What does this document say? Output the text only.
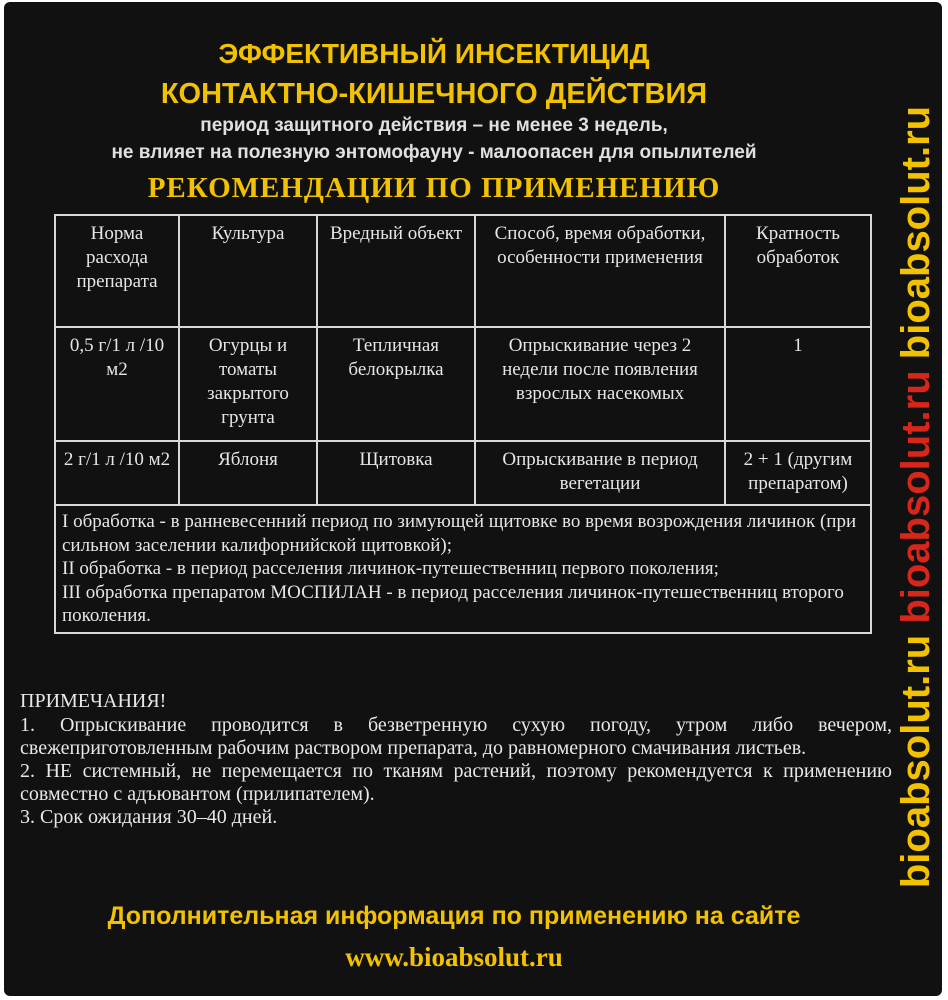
ЭФФЕКТИВНЫЙ ИНСЕКТИЦИД
КОНТАКТНО-КИШЕЧНОГО ДЕЙСТВИЯ
период защитного действия – не менее 3 недель,
не влияет на полезную энтомофауну - малоопасен для опылителей
РЕКОМЕНДАЦИИ ПО ПРИМЕНЕНИЮ
Норма расхода препарата	Культура	Вредный объект	Способ, время обработки, особенности применения	Кратность обработок
0,5 г/1 л /10 м2	Огурцы и томаты закрытого грунта	Тепличная белокрылка	Опрыскивание через 2 недели после появления взрослых насекомых	1
2 г/1 л /10 м2	Яблоня	Щитовка	Опрыскивание в период вегетации	2 + 1 (другим препаратом)

I обработка - в ранневесенний период по зимующей щитовке во время возрождения личинок (при сильном заселении калифорнийской щитовкой);
II обработка - в период расселения личинок-путешественниц первого поколения;
III обработка препаратом МОСПИЛАН - в период расселения личинок-путешественниц второго поколения.				

ПРИМЕЧАНИЯ!

1. Опрыскивание проводится в безветренную сухую погоду, утром либо вечером, свежеприготовленным рабочим раствором препарата, до равномерного смачивания листьев.

2. НЕ системный, не перемещается по тканям растений, поэтому рекомендуется к применению совместно с адъювантом (прилипателем).

3. Срок ожидания 30–40 дней.

Дополнительная информация по применению на сайте
www.bioabsolut.ru
bioabsolut.ru bioabsolut.ru bioabsolut.ru
